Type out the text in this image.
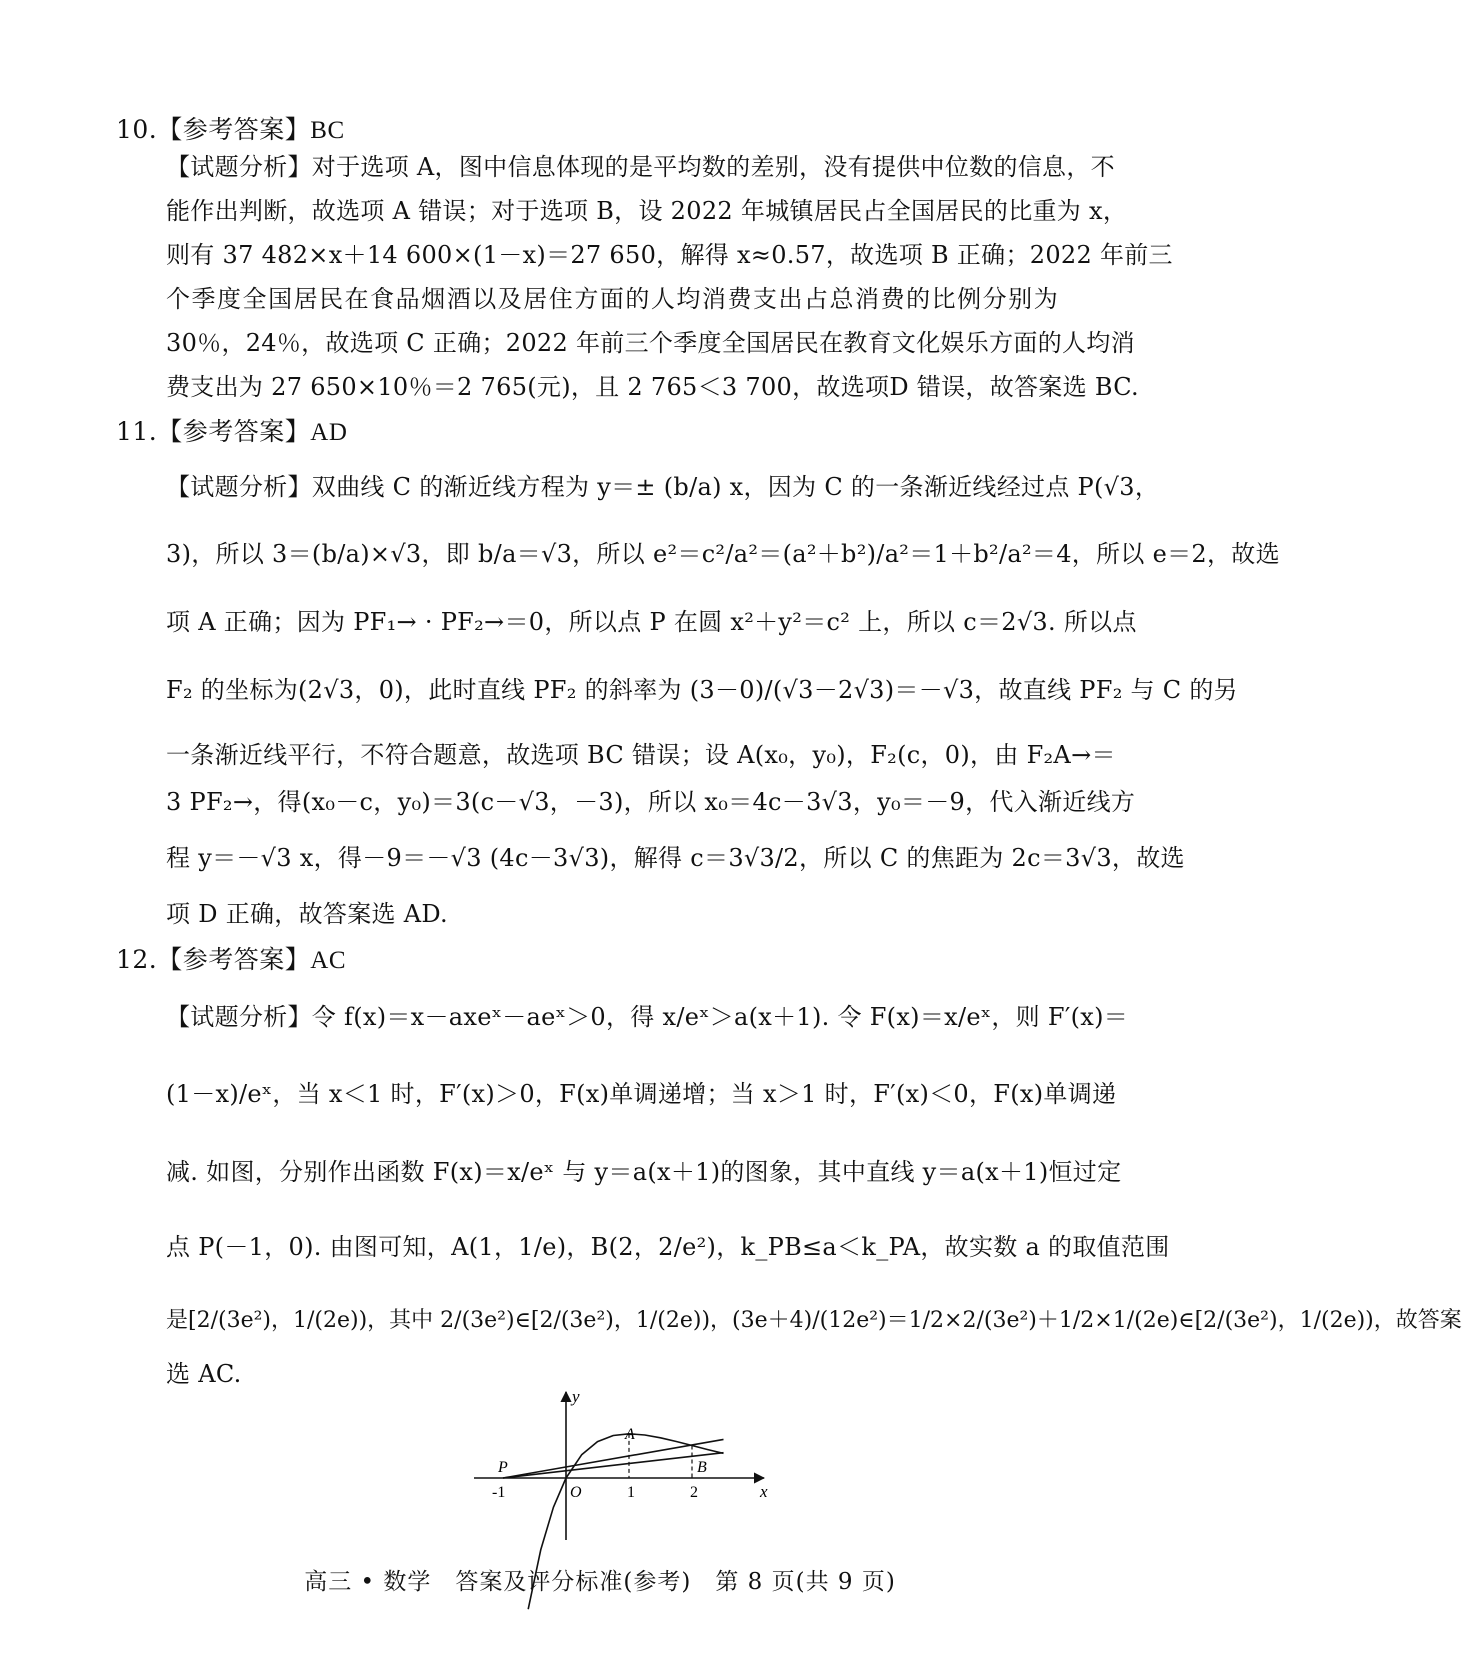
10.【参考答案】BC
【试题分析】对于选项 A，图中信息体现的是平均数的差别，没有提供中位数的信息，不
能作出判断，故选项 A 错误；对于选项 B，设 2022 年城镇居民占全国居民的比重为 x，
则有 37 482×x＋14 600×(1－x)＝27 650，解得 x≈0.57，故选项 B 正确；2022 年前三
个季度全国居民在食品烟酒以及居住方面的人均消费支出占总消费的比例分别为
30％，24％，故选项 C 正确；2022 年前三个季度全国居民在教育文化娱乐方面的人均消
费支出为 27 650×10％＝2 765(元)，且 2 765＜3 700，故选项D 错误，故答案选 BC.
11.【参考答案】AD
【试题分析】双曲线 C 的渐近线方程为 y＝± (b/a) x，因为 C 的一条渐近线经过点 P(√3，
3)，所以 3＝(b/a)×√3，即 b/a＝√3，所以 e²＝c²/a²＝(a²＋b²)/a²＝1＋b²/a²＝4，所以 e＝2，故选
项 A 正确；因为 PF₁→ · PF₂→＝0，所以点 P 在圆 x²＋y²＝c² 上，所以 c＝2√3. 所以点
F₂ 的坐标为(2√3，0)，此时直线 PF₂ 的斜率为 (3－0)/(√3－2√3)＝－√3，故直线 PF₂ 与 C 的另
一条渐近线平行，不符合题意，故选项 BC 错误；设 A(x₀，y₀)，F₂(c，0)，由 F₂A→＝
3 PF₂→，得(x₀－c，y₀)＝3(c－√3，－3)，所以 x₀＝4c－3√3，y₀＝－9，代入渐近线方
程 y＝－√3 x，得－9＝－√3 (4c－3√3)，解得 c＝3√3/2，所以 C 的焦距为 2c＝3√3，故选
项 D 正确，故答案选 AD.
12.【参考答案】AC
【试题分析】令 f(x)＝x－axeˣ－aeˣ＞0，得 x/eˣ＞a(x＋1). 令 F(x)＝x/eˣ，则 F′(x)＝
(1－x)/eˣ，当 x＜1 时，F′(x)＞0，F(x)单调递增；当 x＞1 时，F′(x)＜0，F(x)单调递
减. 如图，分别作出函数 F(x)＝x/eˣ 与 y＝a(x＋1)的图象，其中直线 y＝a(x＋1)恒过定
点 P(－1，0). 由图可知，A(1，1/e)，B(2，2/e²)，k_PB≤a＜k_PA，故实数 a 的取值范围
是[2/(3e²)，1/(2e))，其中 2/(3e²)∈[2/(3e²)，1/(2e))，(3e＋4)/(12e²)＝1/2×2/(3e²)＋1/2×1/(2e)∈[2/(3e²)，1/(2e))，故答案
选 AC.
y
x
O
-1	1	2
P
A
B
高三 • 数学 答案及评分标准(参考) 第 8 页(共 9 页)
